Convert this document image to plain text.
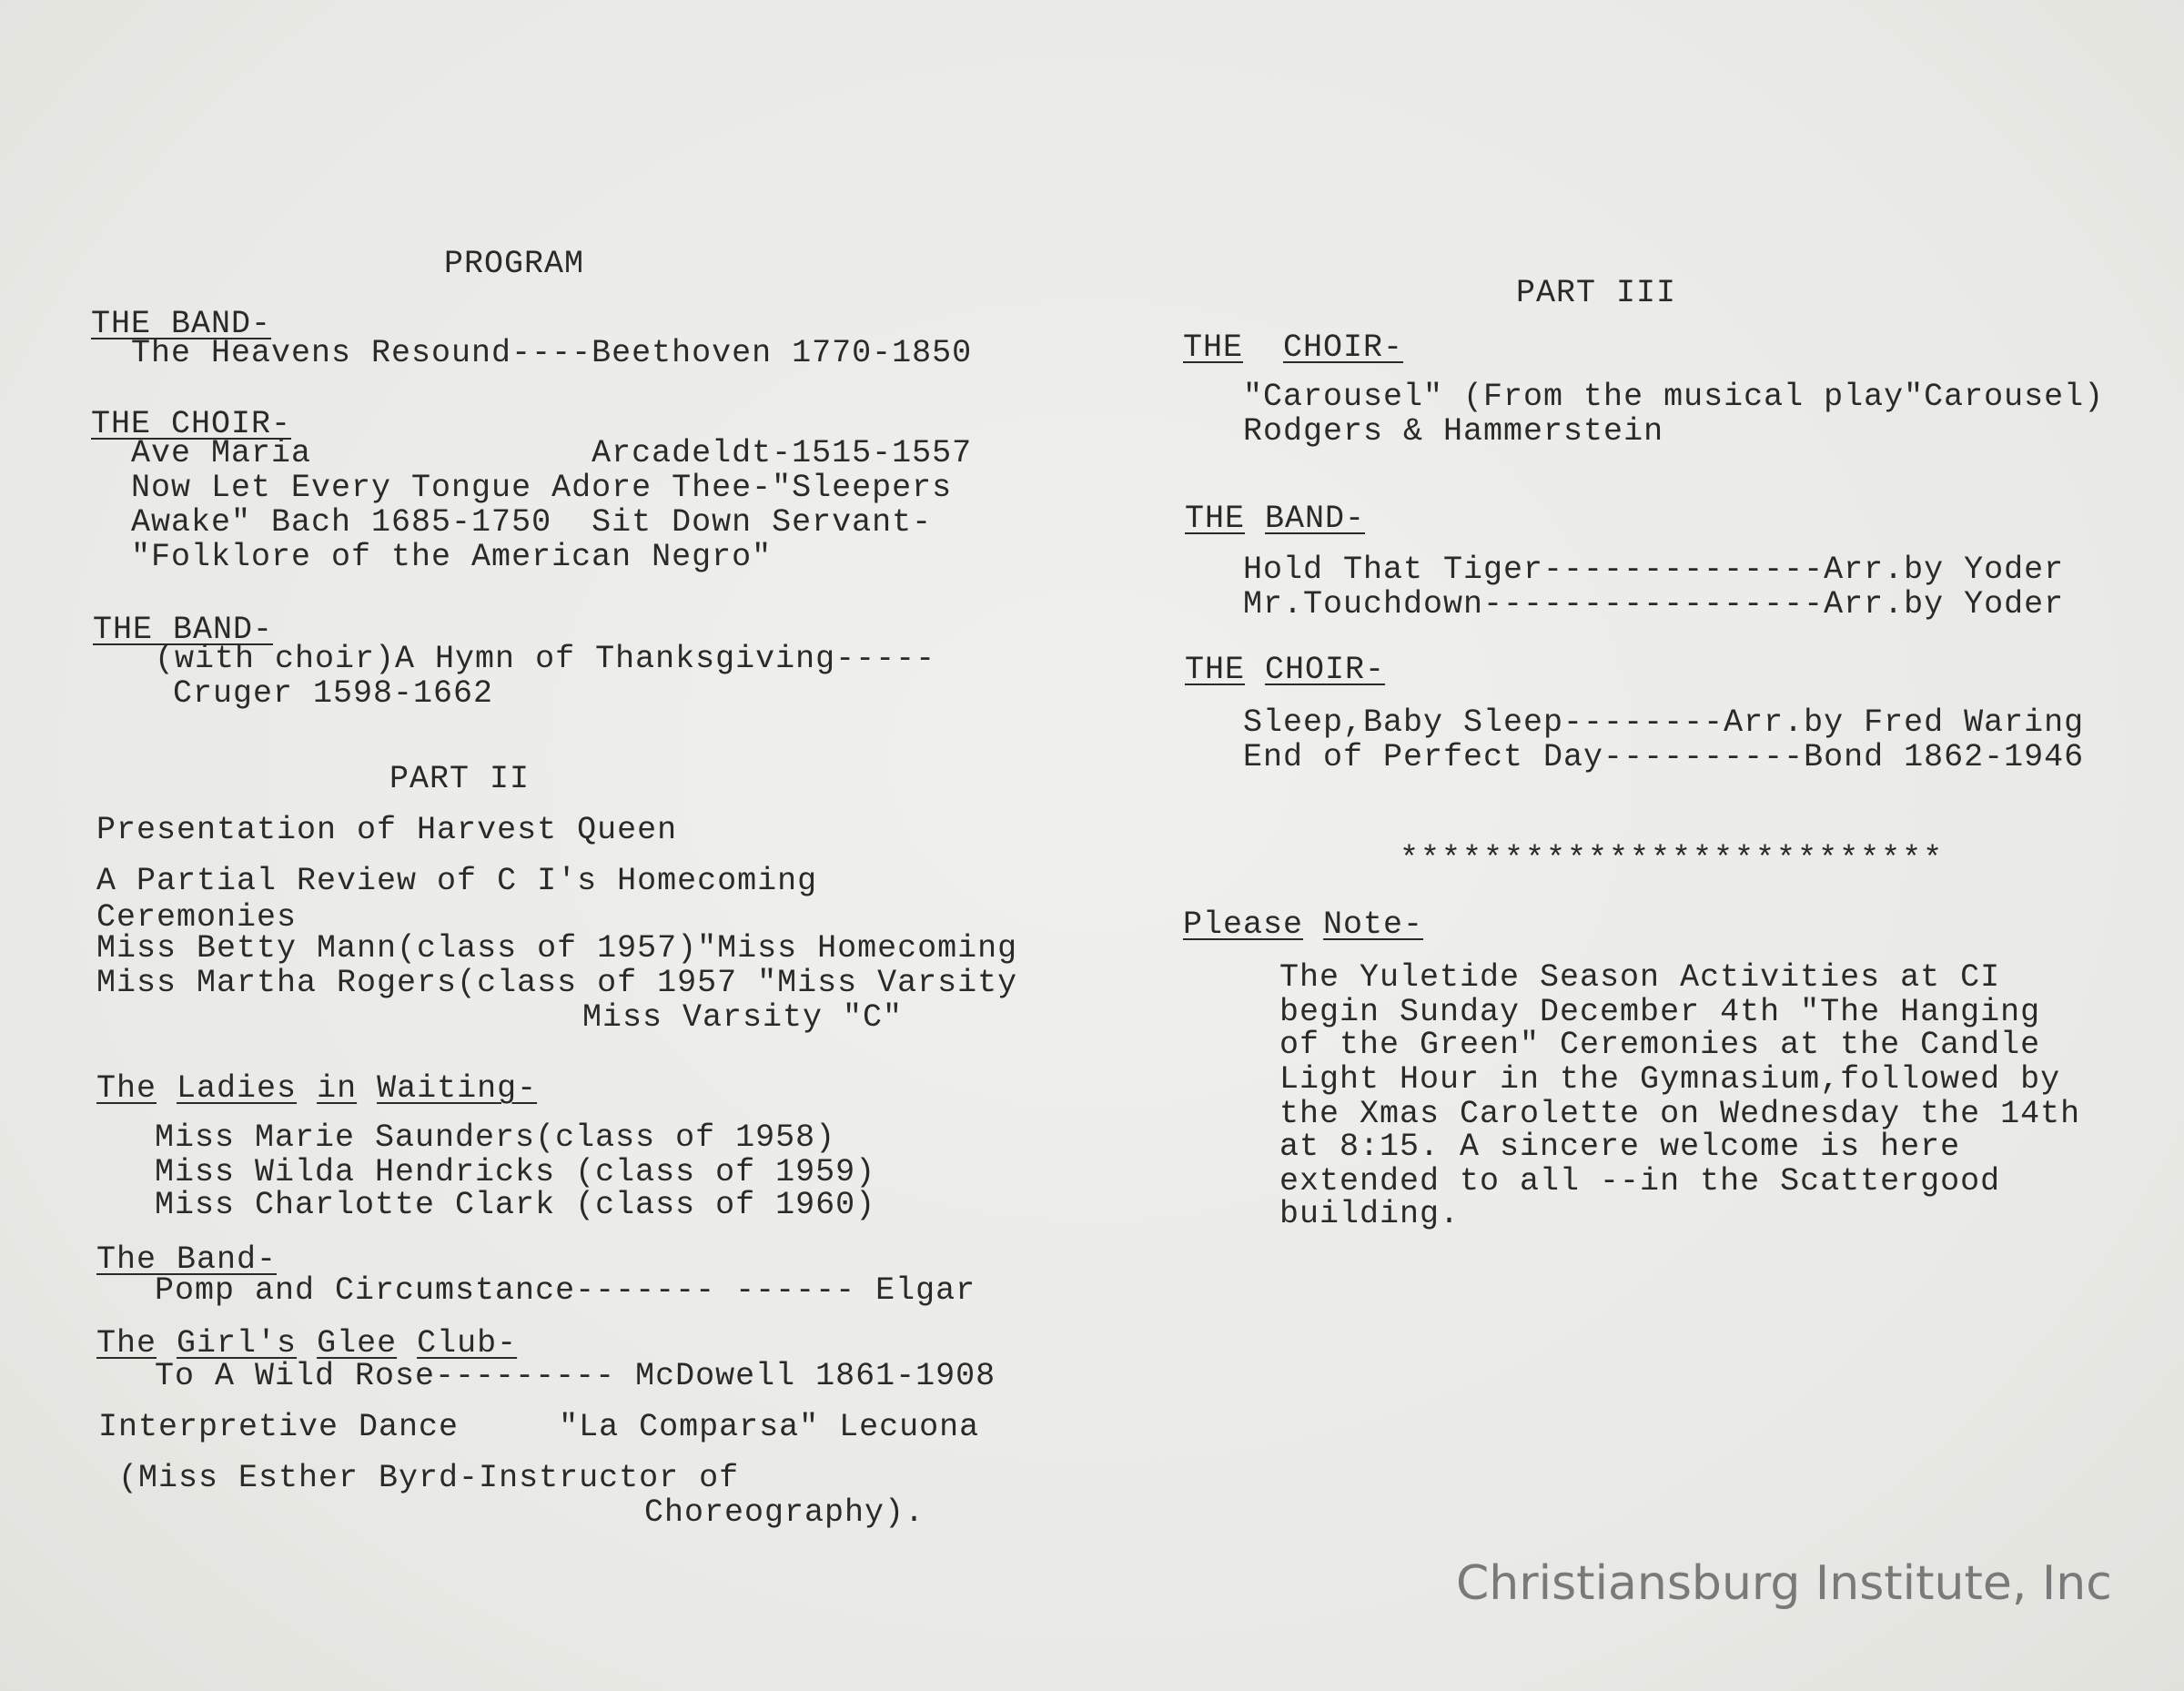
PROGRAM
THE BAND-
The Heavens Resound----Beethoven 1770-1850
THE CHOIR-
Ave Maria              Arcadeldt-1515-1557
Now Let Every Tongue Adore Thee-"Sleepers
Awake" Bach 1685-1750  Sit Down Servant-
"Folklore of the American Negro"
THE BAND-
(with choir)A Hymn of Thanksgiving-----
Cruger 1598-1662
PART II
Presentation of Harvest Queen
A Partial Review of C I's Homecoming
Ceremonies
Miss Betty Mann(class of 1957)"Miss Homecoming
Miss Martha Rogers(class of 1957 "Miss Varsity
Miss Varsity "C"
The Ladies in Waiting-
Miss Marie Saunders(class of 1958)
Miss Wilda Hendricks (class of 1959)
Miss Charlotte Clark (class of 1960)
The Band-
Pomp and Circumstance------- ------ Elgar
The Girl's Glee Club-
To A Wild Rose--------- McDowell 1861-1908
Interpretive Dance     "La Comparsa" Lecuona
(Miss Esther Byrd-Instructor of
Choreography).
PART III
THE CHOIR-
"Carousel" (From the musical play"Carousel)
Rodgers & Hammerstein
THE BAND-
Hold That Tiger--------------Arr.by Yoder
Mr.Touchdown-----------------Arr.by Yoder
THE CHOIR-
Sleep,Baby Sleep--------Arr.by Fred Waring
End of Perfect Day----------Bond 1862-1946
**************************
Please Note-
The Yuletide Season Activities at CI
begin Sunday December 4th "The Hanging
of the Green" Ceremonies at the Candle
Light Hour in the Gymnasium,followed by
the Xmas Carolette on Wednesday the 14th
at 8:15. A sincere welcome is here
extended to all --in the Scattergood
building.
Christiansburg Institute, Inc
